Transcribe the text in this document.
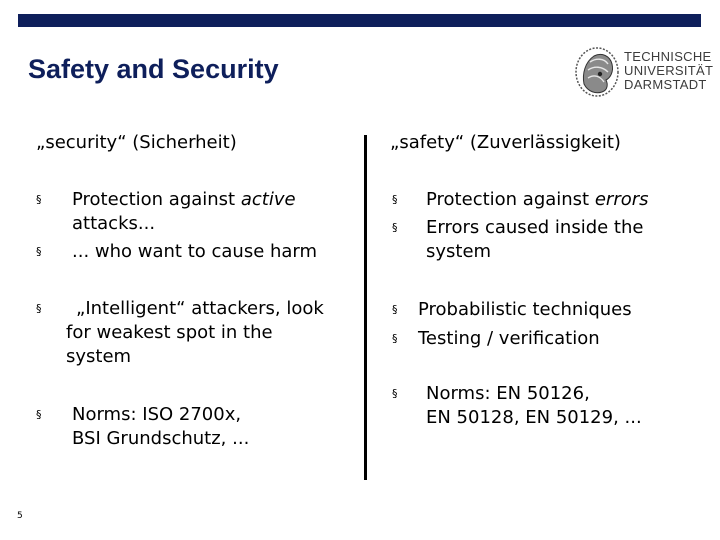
Safety and Security	TECHNISCHE
UNIVERSITÄT
DARMSTADT
„security“ (Sicherheit)
§ Protection against active
attacks...
§ ... who want to cause harm
§	„Intelligent“ attackers, look
for weakest spot in the
system
§ Norms: ISO 2700x,
BSI Grundschutz, ...
„safety“ (Zuverlässigkeit)
§ Protection against errors
§ Errors caused inside the
system
§ Probabilistic techniques
§ Testing / verification
§ Norms: EN 50126,
EN 50128, EN 50129, ...
5
